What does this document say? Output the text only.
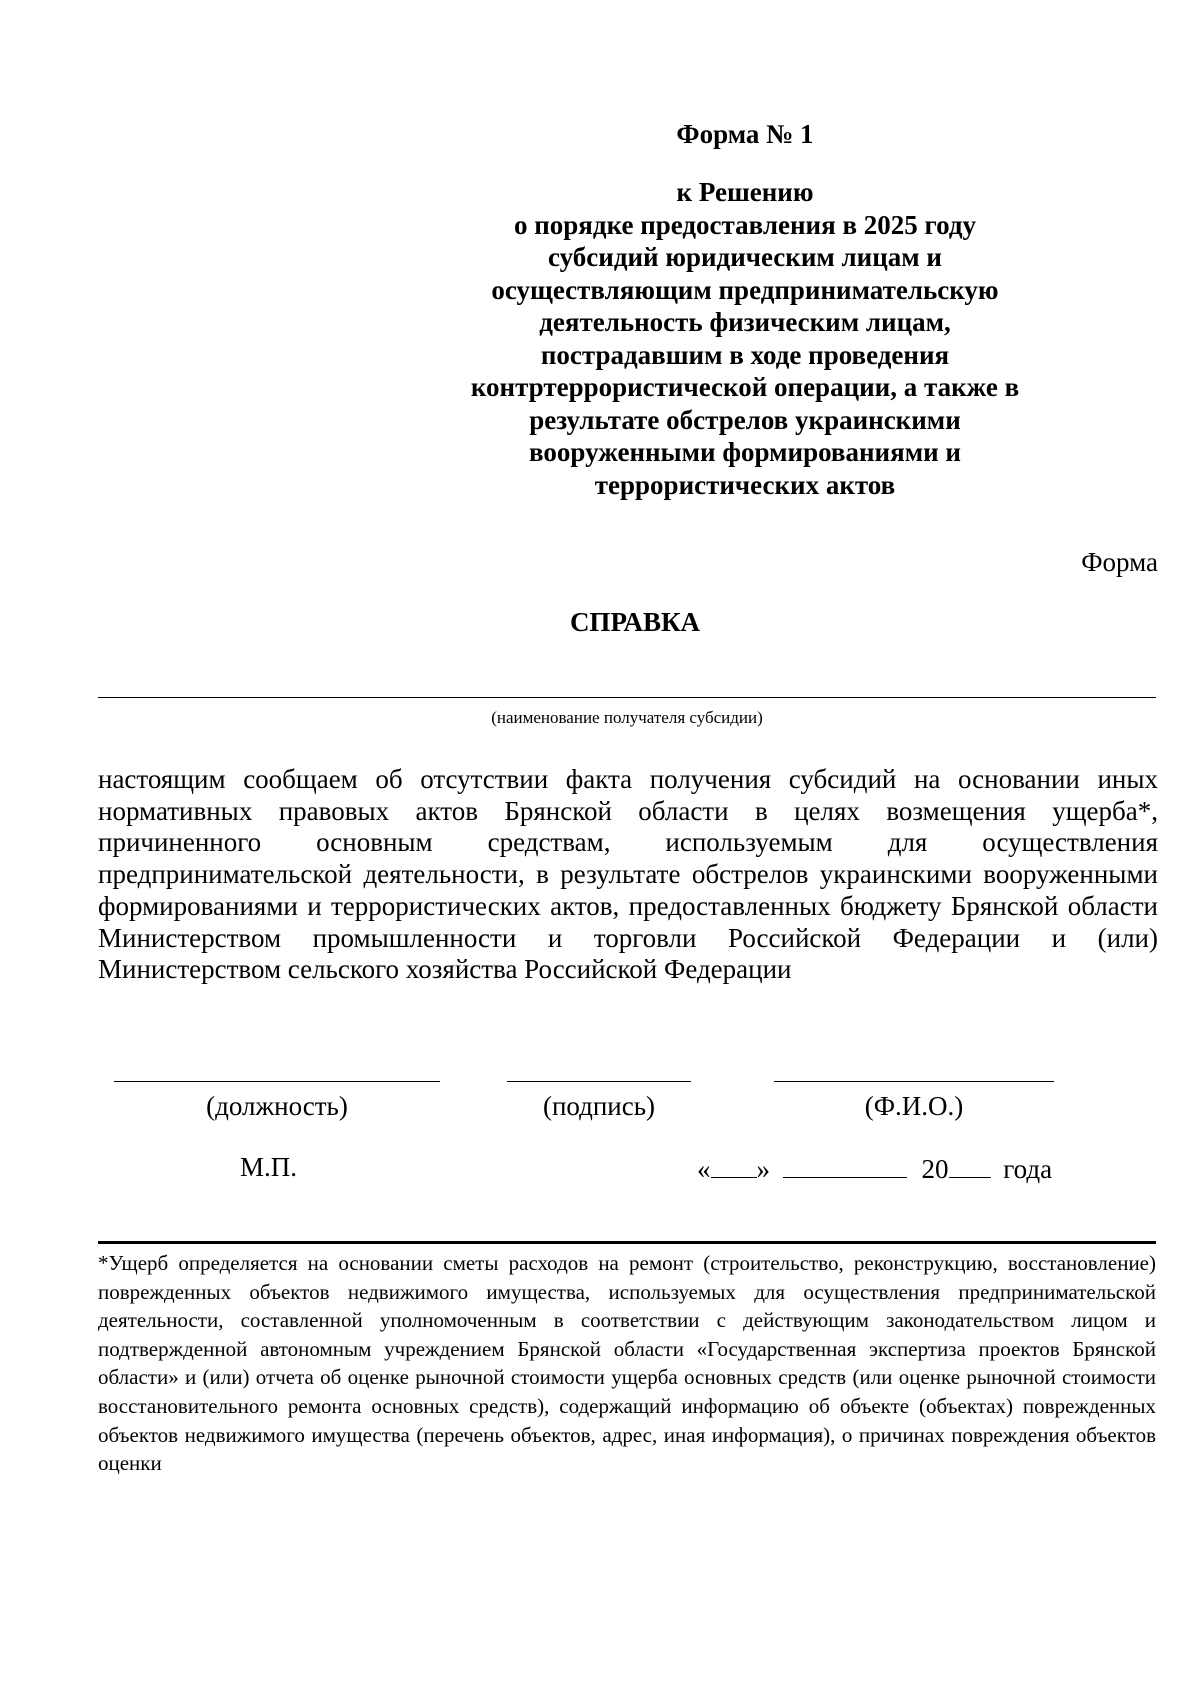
Форма № 1
к Решению
о порядке предоставления в 2025 году
субсидий юридическим лицам и
осуществляющим предпринимательскую
деятельность физическим лицам,
пострадавшим в ходе проведения
контртеррористической операции, а также в
результате обстрелов украинскими
вооруженными формированиями и
террористических актов
Форма
СПРАВКА
(наименование получателя субсидии)
настоящим сообщаем об отсутствии факта получения субсидий на основании иных нормативных правовых актов Брянской области в целях возмещения ущерба*, причиненного основным средствам, используемым для осуществления предпринимательской деятельности, в результате обстрелов украинскими вооруженными формированиями и террористических актов, предоставленных бюджету Брянской области Министерством промышленности и торговли Российской Федерации и (или) Министерством сельского хозяйства Российской Федерации
(должность)	(подпись)	(Ф.И.О.)
М.П.	« »	20 года
*Ущерб определяется на основании сметы расходов на ремонт (строительство, реконструкцию, восстановление) поврежденных объектов недвижимого имущества, используемых для осуществления предпринимательской деятельности, составленной уполномоченным в соответствии с действующим законодательством лицом и подтвержденной автономным учреждением Брянской области «Государственная экспертиза проектов Брянской области» и (или) отчета об оценке рыночной стоимости ущерба основных средств (или оценке рыночной стоимости восстановительного ремонта основных средств), содержащий информацию об объекте (объектах) поврежденных объектов недвижимого имущества (перечень объектов, адрес, иная информация), о причинах повреждения объектов оценки
